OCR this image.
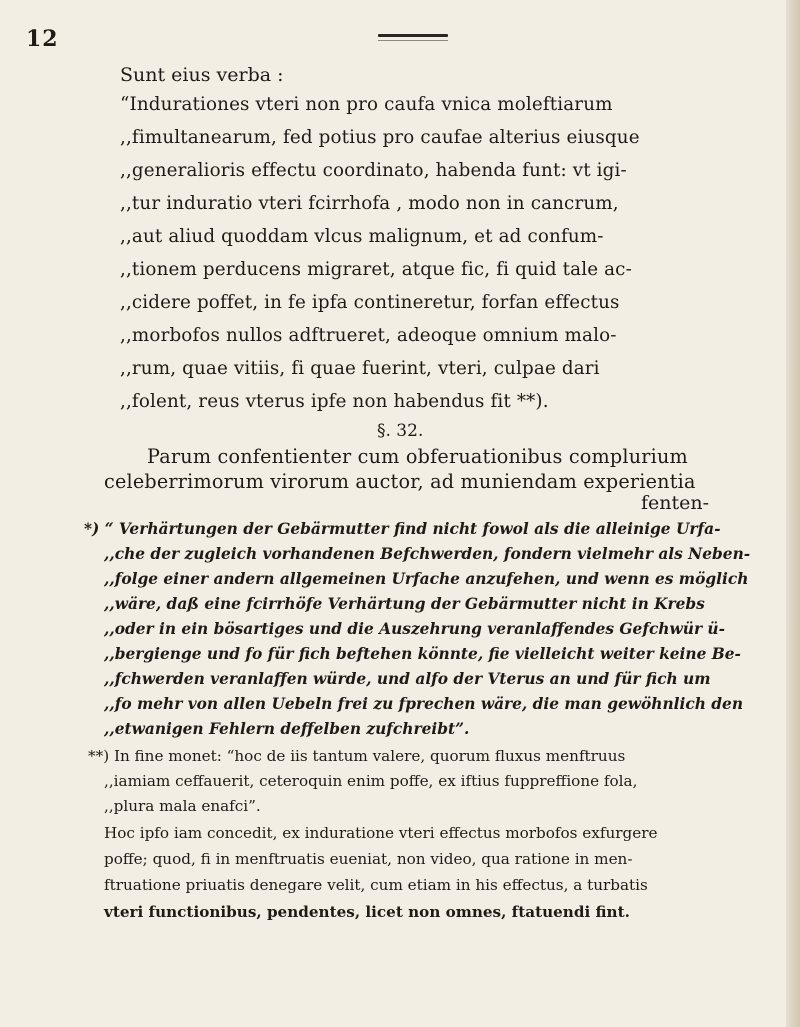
12
Sunt eius verba :
“Indurationes vteri non pro caufa vnica moleftiarum
,,fimultanearum, fed potius pro caufae alterius eiusque
,,generalioris effectu coordinato, habenda funt: vt igi-
,,tur induratio vteri fcirrhofa , modo non in cancrum,
,,aut aliud quoddam vlcus malignum, et ad confum-
,,tionem perducens migraret, atque fic, fi quid tale ac-
,,cidere poffet, in fe ipfa contineretur, forfan effectus
,,morbofos nullos adftrueret, adeoque omnium malo-
,,rum, quae vitiis, fi quae fuerint, vteri, culpae dari
,,folent, reus vterus ipfe non habendus fit **).
§. 32.
Parum confentienter cum obferuationibus complurium
celeberrimorum virorum auctor, ad muniendam experientia
fenten-
*) “ Verhärtungen der Gebärmutter find nicht fowol als die alleinige Urfa-
,,che der zugleich vorhandenen Befchwerden, fondern vielmehr als Neben-
,,folge einer andern allgemeinen Urfache anzufehen, und wenn es möglich
,,wäre, daß eine fcirrhöfe Verhärtung der Gebärmutter nicht in Krebs
,,oder in ein bösartiges und die Auszehrung veranlaffendes Gefchwür ü-
,,bergienge und fo für fich beftehen könnte, fie vielleicht weiter keine Be-
,,fchwerden veranlaffen würde, und alfo der Vterus an und für fich um
,,fo mehr von allen Uebeln frei zu fprechen wäre, die man gewöhnlich den
,,etwanigen Fehlern deffelben zufchreibt”.
**) In fine monet: “hoc de iis tantum valere, quorum fluxus menftruus
,,iamiam ceffauerit, ceteroquin enim poffe, ex iftius fuppreffione fola,
,,plura mala enafci”.
Hoc ipfo iam concedit, ex induratione vteri effectus morbofos exfurgere
poffe; quod, fi in menftruatis eueniat, non video, qua ratione in men-
ftruatione priuatis denegare velit, cum etiam in his effectus, a turbatis
vteri functionibus, pendentes, licet non omnes, ftatuendi fint.
